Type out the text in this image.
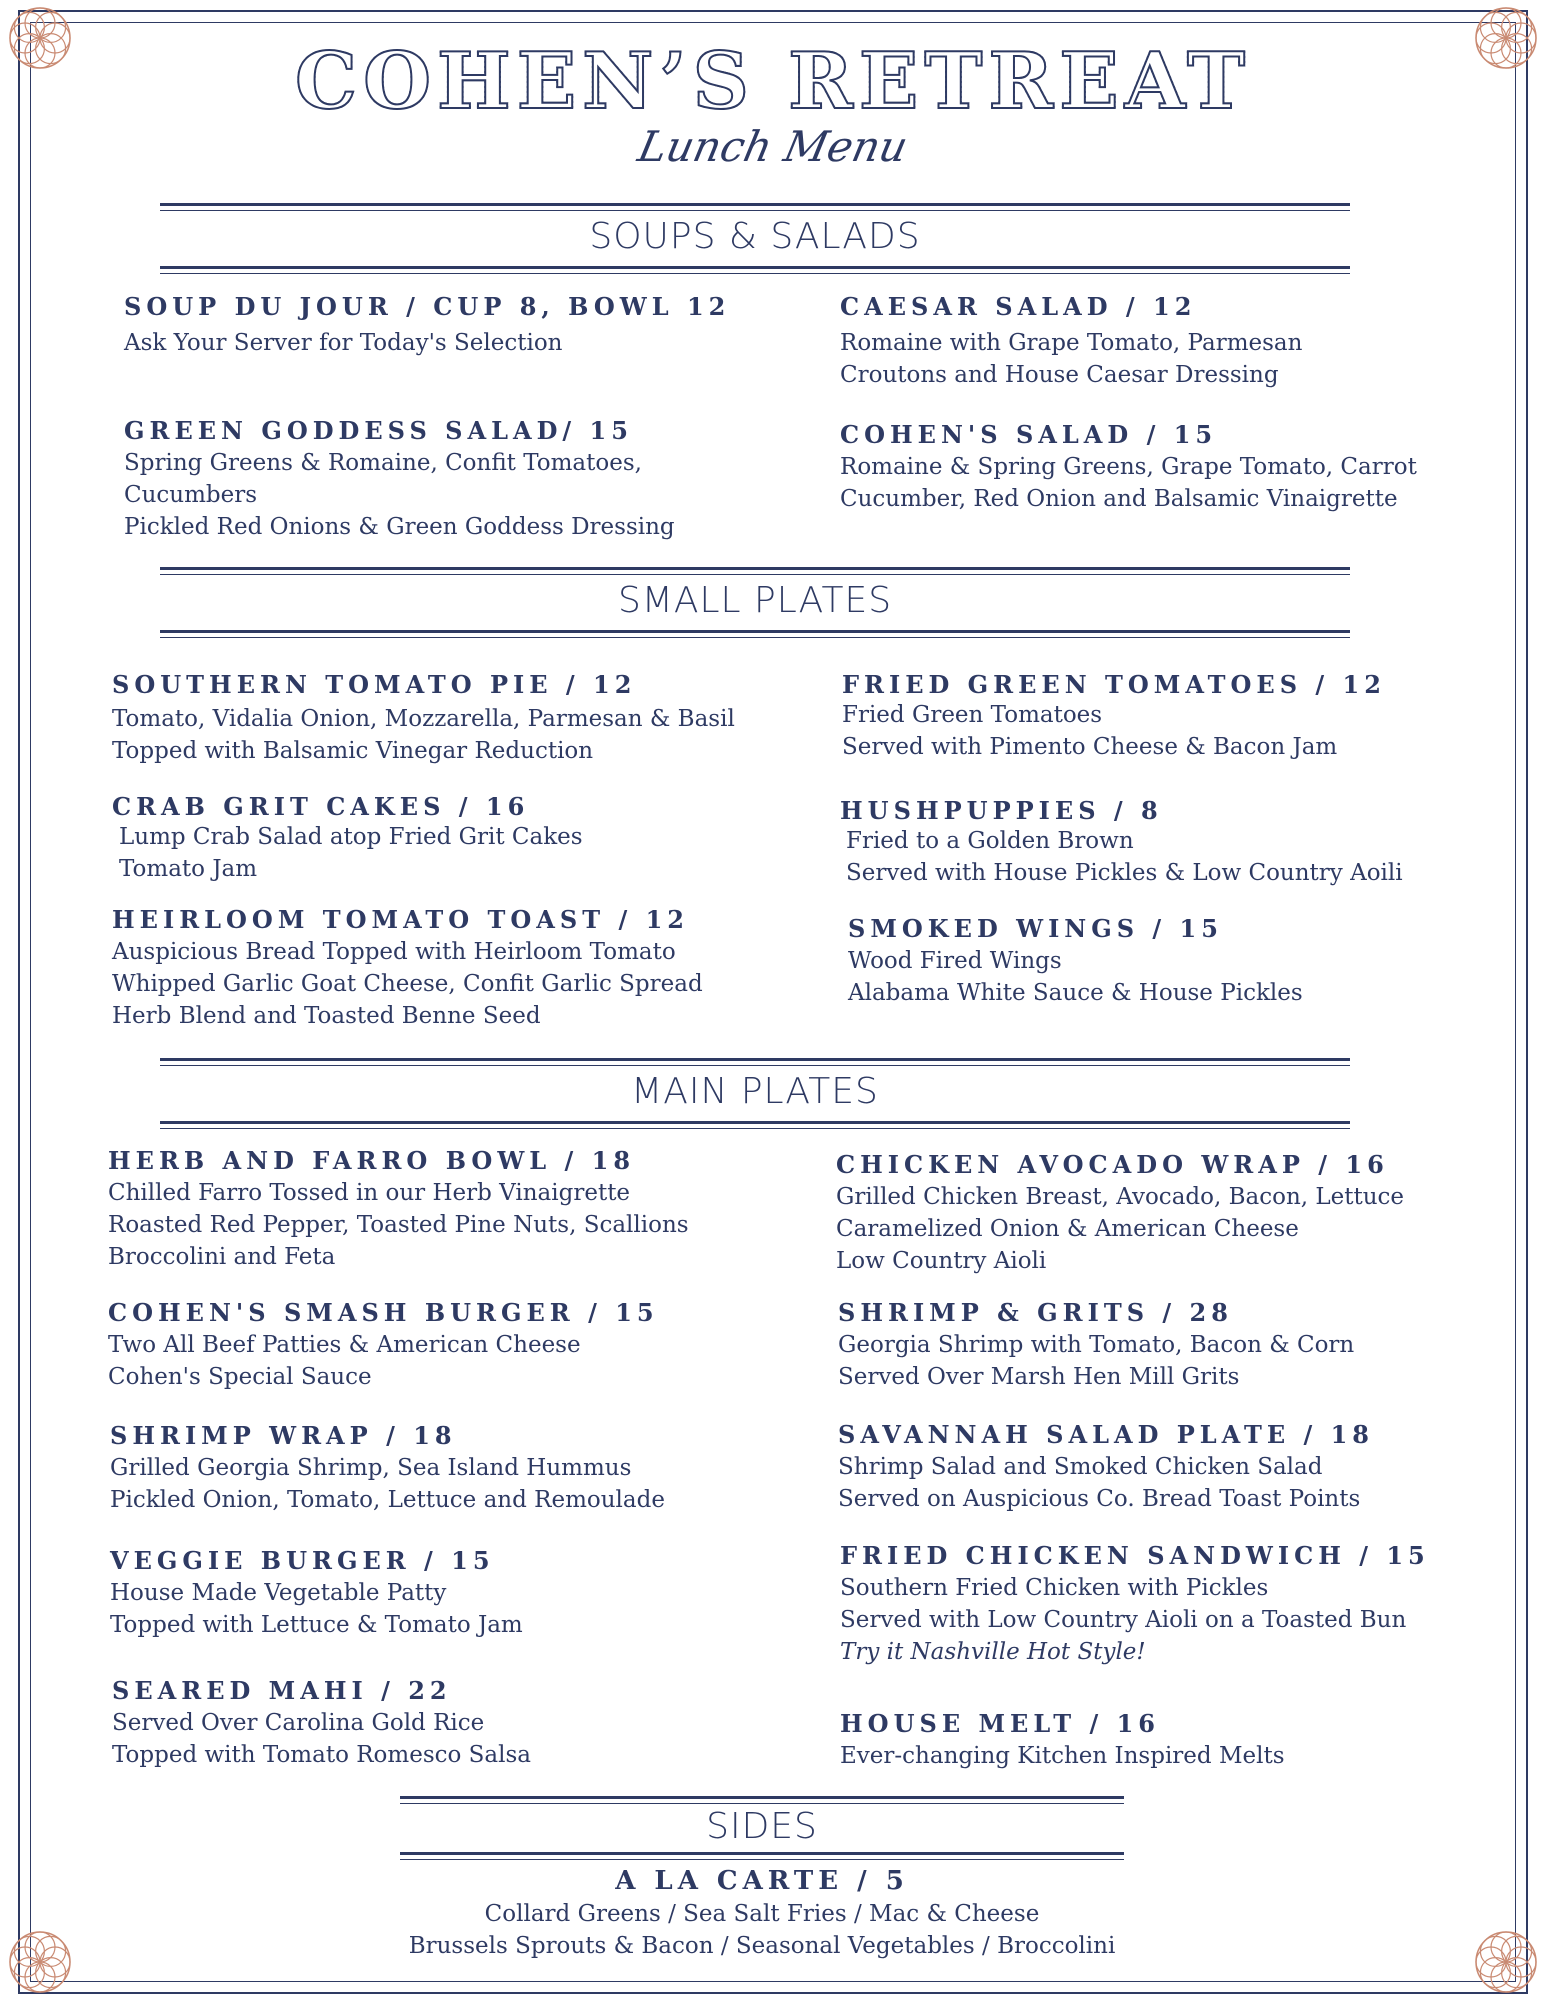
COHEN’S RETREAT
Lunch Menu
SOUPS & SALADS
SOUP DU JOUR / CUP 8, BOWL 12
Ask Your Server for Today's Selection
CAESAR SALAD / 12
Romaine with Grape Tomato, Parmesan
Croutons and House Caesar Dressing
GREEN GODDESS SALAD/ 15
Spring Greens & Romaine, Confit Tomatoes,
Cucumbers
Pickled Red Onions & Green Goddess Dressing
COHEN'S SALAD / 15
Romaine & Spring Greens, Grape Tomato, Carrot
Cucumber, Red Onion and Balsamic Vinaigrette
SMALL PLATES
SOUTHERN TOMATO PIE / 12
Tomato, Vidalia Onion, Mozzarella, Parmesan & Basil
Topped with Balsamic Vinegar Reduction
FRIED GREEN TOMATOES / 12
Fried Green Tomatoes
Served with Pimento Cheese & Bacon Jam
CRAB GRIT CAKES / 16
Lump Crab Salad atop Fried Grit Cakes
Tomato Jam
HUSHPUPPIES / 8
Fried to a Golden Brown
Served with House Pickles & Low Country Aoili
HEIRLOOM TOMATO TOAST / 12
Auspicious Bread Topped with Heirloom Tomato
Whipped Garlic Goat Cheese, Confit Garlic Spread
Herb Blend and Toasted Benne Seed
SMOKED WINGS / 15
Wood Fired Wings
Alabama White Sauce & House Pickles
MAIN PLATES
HERB AND FARRO BOWL / 18
Chilled Farro Tossed in our Herb Vinaigrette
Roasted Red Pepper, Toasted Pine Nuts, Scallions
Broccolini and Feta
CHICKEN AVOCADO WRAP / 16
Grilled Chicken Breast, Avocado, Bacon, Lettuce
Caramelized Onion & American Cheese
Low Country Aioli
COHEN'S SMASH BURGER / 15
Two All Beef Patties & American Cheese
Cohen's Special Sauce
SHRIMP & GRITS / 28
Georgia Shrimp with Tomato, Bacon & Corn
Served Over Marsh Hen Mill Grits
SHRIMP WRAP / 18
Grilled Georgia Shrimp, Sea Island Hummus
Pickled Onion, Tomato, Lettuce and Remoulade
SAVANNAH SALAD PLATE / 18
Shrimp Salad and Smoked Chicken Salad
Served on Auspicious Co. Bread Toast Points
VEGGIE BURGER / 15
House Made Vegetable Patty
Topped with Lettuce & Tomato Jam
FRIED CHICKEN SANDWICH / 15
Southern Fried Chicken with Pickles
Served with Low Country Aioli on a Toasted Bun
Try it Nashville Hot Style!
SEARED MAHI / 22
Served Over Carolina Gold Rice
Topped with Tomato Romesco Salsa
HOUSE MELT / 16
Ever-changing Kitchen Inspired Melts
SIDES
A LA CARTE / 5
Collard Greens / Sea Salt Fries / Mac & Cheese
Brussels Sprouts & Bacon / Seasonal Vegetables / Broccolini
